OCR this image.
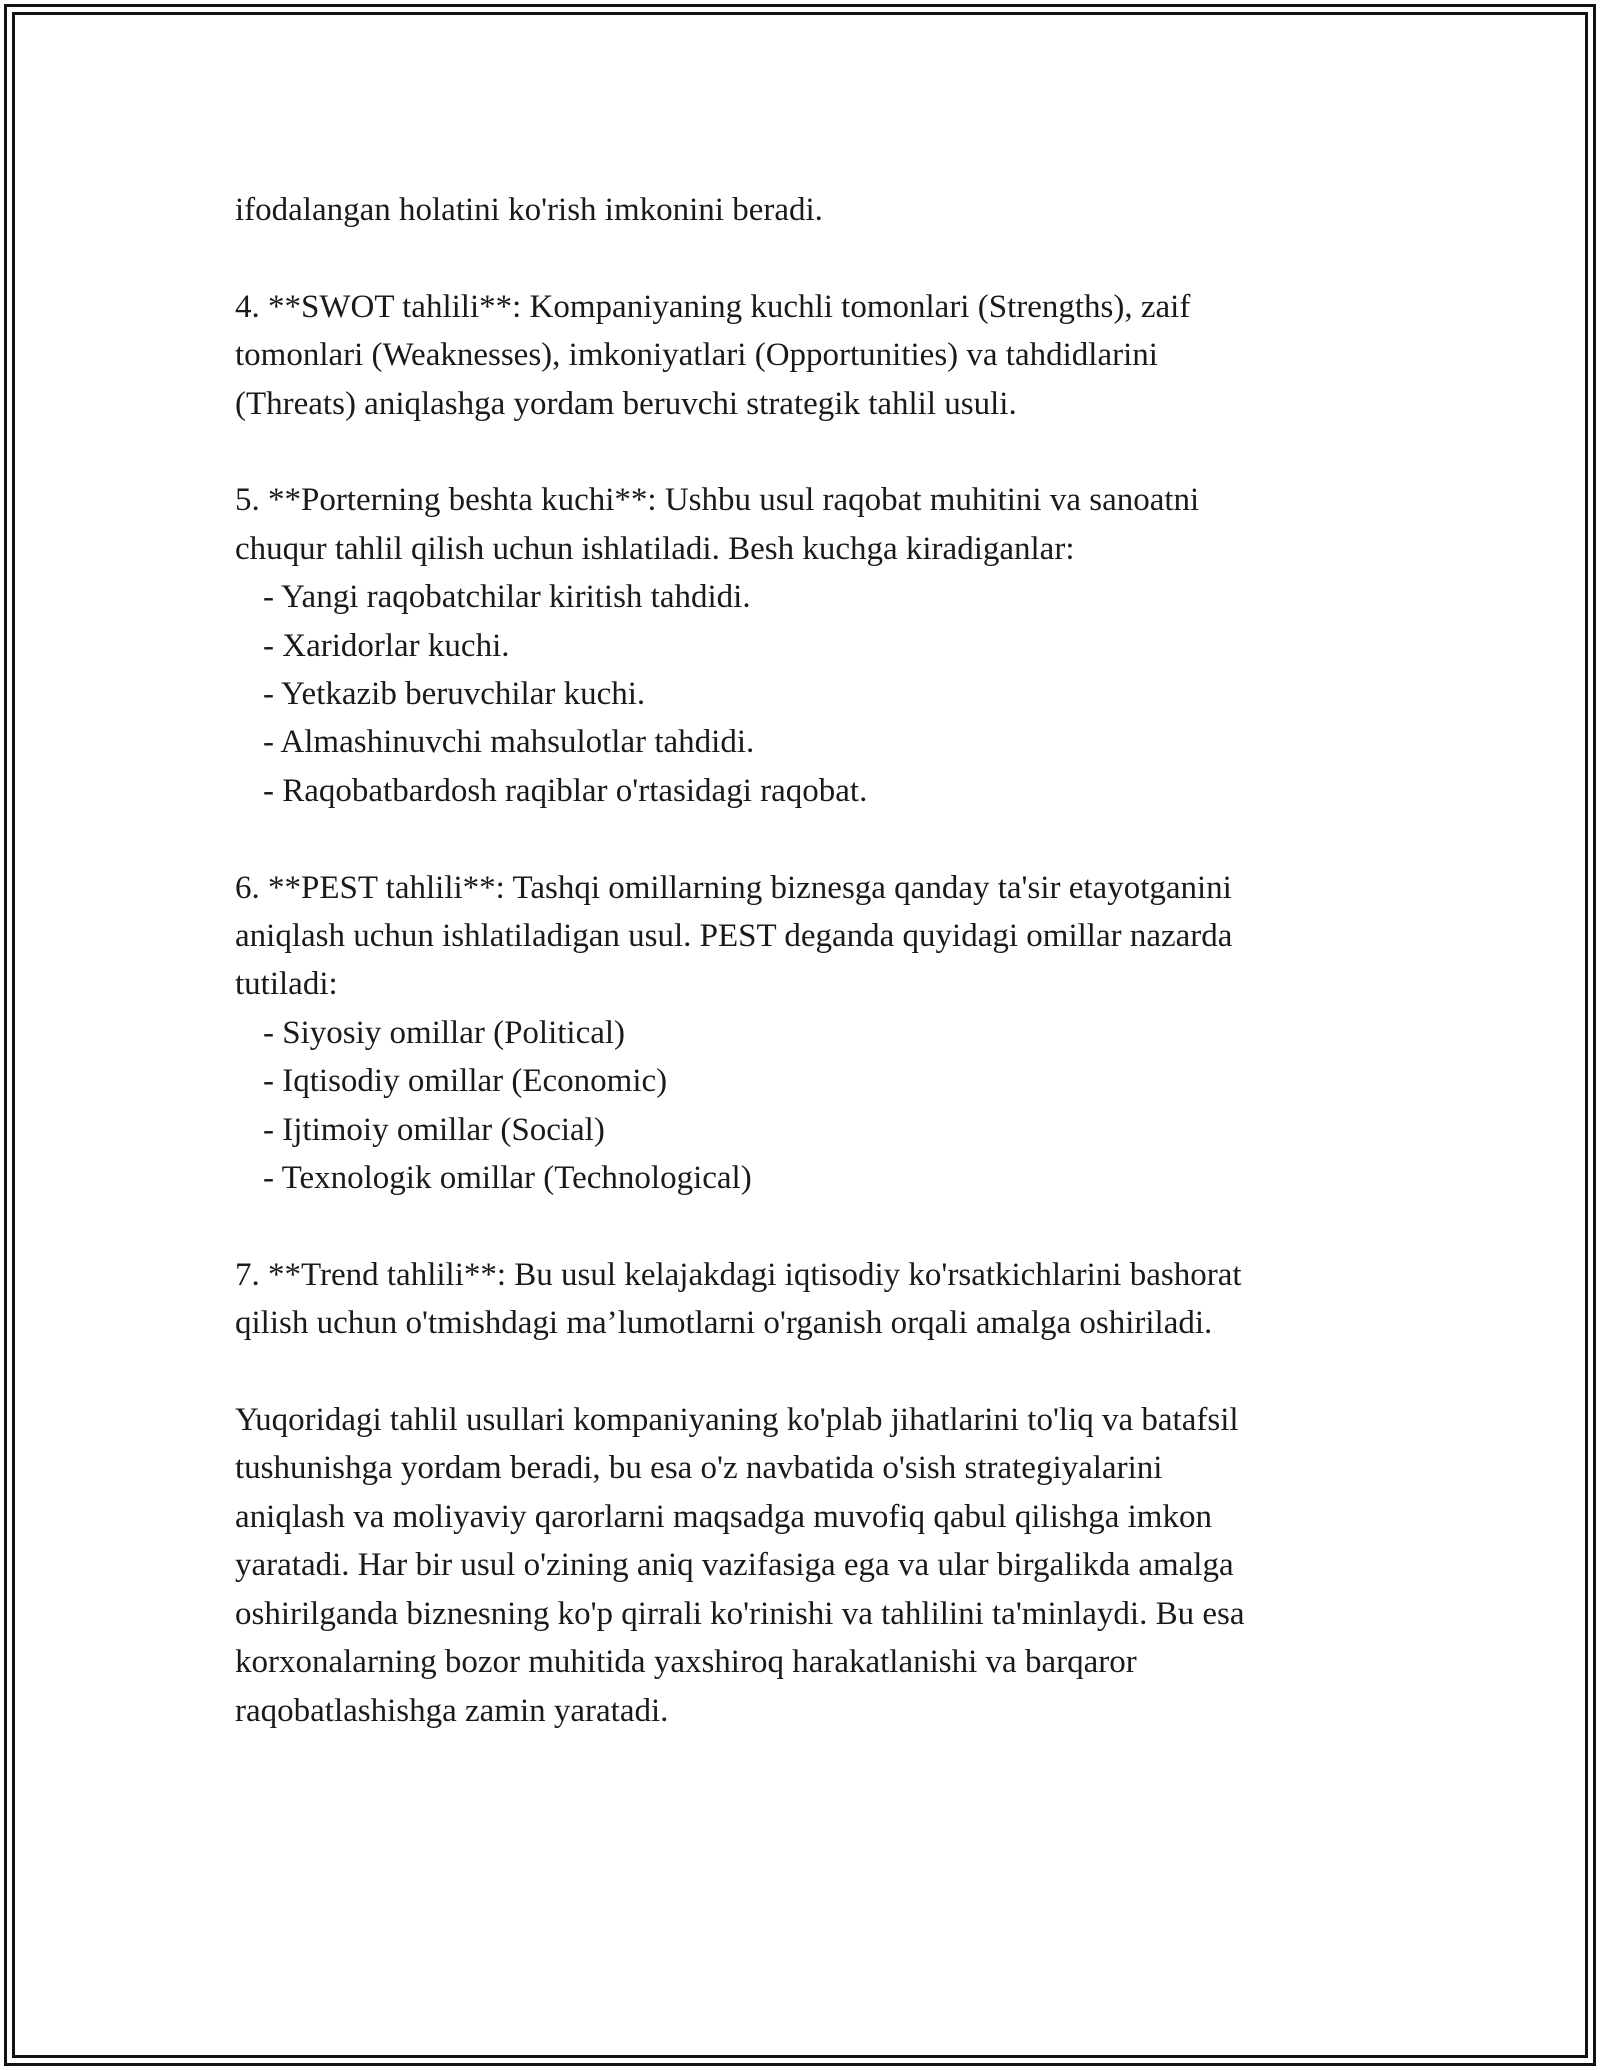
ifodalangan holatini ko'rish imkonini beradi.
4. **SWOT tahlili**: Kompaniyaning kuchli tomonlari (Strengths), zaif
tomonlari (Weaknesses), imkoniyatlari (Opportunities) va tahdidlarini
(Threats) aniqlashga yordam beruvchi strategik tahlil usuli.
5. **Porterning beshta kuchi**: Ushbu usul raqobat muhitini va sanoatni
chuqur tahlil qilish uchun ishlatiladi. Besh kuchga kiradiganlar:
- Yangi raqobatchilar kiritish tahdidi.
- Xaridorlar kuchi.
- Yetkazib beruvchilar kuchi.
- Almashinuvchi mahsulotlar tahdidi.
- Raqobatbardosh raqiblar o'rtasidagi raqobat.
6. **PEST tahlili**: Tashqi omillarning biznesga qanday ta'sir etayotganini
aniqlash uchun ishlatiladigan usul. PEST deganda quyidagi omillar nazarda
tutiladi:
- Siyosiy omillar (Political)
- Iqtisodiy omillar (Economic)
- Ijtimoiy omillar (Social)
- Texnologik omillar (Technological)
7. **Trend tahlili**: Bu usul kelajakdagi iqtisodiy ko'rsatkichlarini bashorat
qilish uchun o'tmishdagi ma’lumotlarni o'rganish orqali amalga oshiriladi.
Yuqoridagi tahlil usullari kompaniyaning ko'plab jihatlarini to'liq va batafsil
tushunishga yordam beradi, bu esa o'z navbatida o'sish strategiyalarini
aniqlash va moliyaviy qarorlarni maqsadga muvofiq qabul qilishga imkon
yaratadi. Har bir usul o'zining aniq vazifasiga ega va ular birgalikda amalga
oshirilganda biznesning ko'p qirrali ko'rinishi va tahlilini ta'minlaydi. Bu esa
korxonalarning bozor muhitida yaxshiroq harakatlanishi va barqaror
raqobatlashishga zamin yaratadi.
